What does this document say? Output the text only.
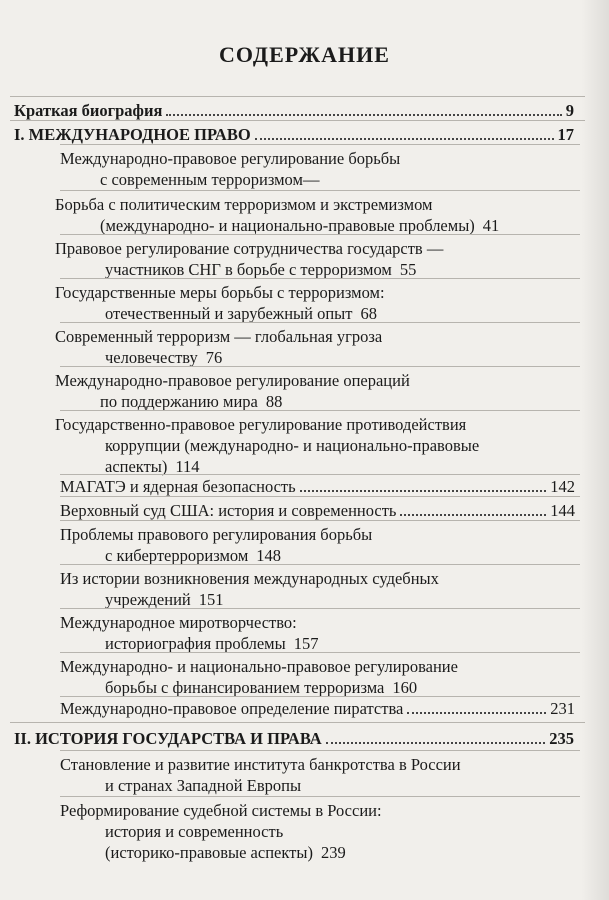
СОДЕРЖАНИЕ
Краткая биография	9
I. МЕЖДУНАРОДНОЕ ПРАВО	17
Международно-правовое регулирование борьбы
с современным терроризмом—
Борьба с политическим терроризмом и экстремизмом
(международно- и национально-правовые проблемы) 41
Правовое регулирование сотрудничества государств —
участников СНГ в борьбе с терроризмом 55
Государственные меры борьбы с терроризмом:
отечественный и зарубежный опыт 68
Современный терроризм — глобальная угроза
человечеству 76
Международно-правовое регулирование операций
по поддержанию мира 88
Государственно-правовое регулирование противодействия
коррупции (международно- и национально-правовые
аспекты) 114
МАГАТЭ и ядерная безопасность	142
Верховный суд США: история и современность	144
Проблемы правового регулирования борьбы
с кибертерроризмом 148
Из истории возникновения международных судебных
учреждений 151
Международное миротворчество:
историография проблемы 157
Международно- и национально-правовое регулирование
борьбы с финансированием терроризма 160
Международно-правовое определение пиратства	231
II. ИСТОРИЯ ГОСУДАРСТВА И ПРАВА	235
Становление и развитие института банкротства в России
и странах Западной Европы
Реформирование судебной системы в России:
история и современность
(историко-правовые аспекты) 239
